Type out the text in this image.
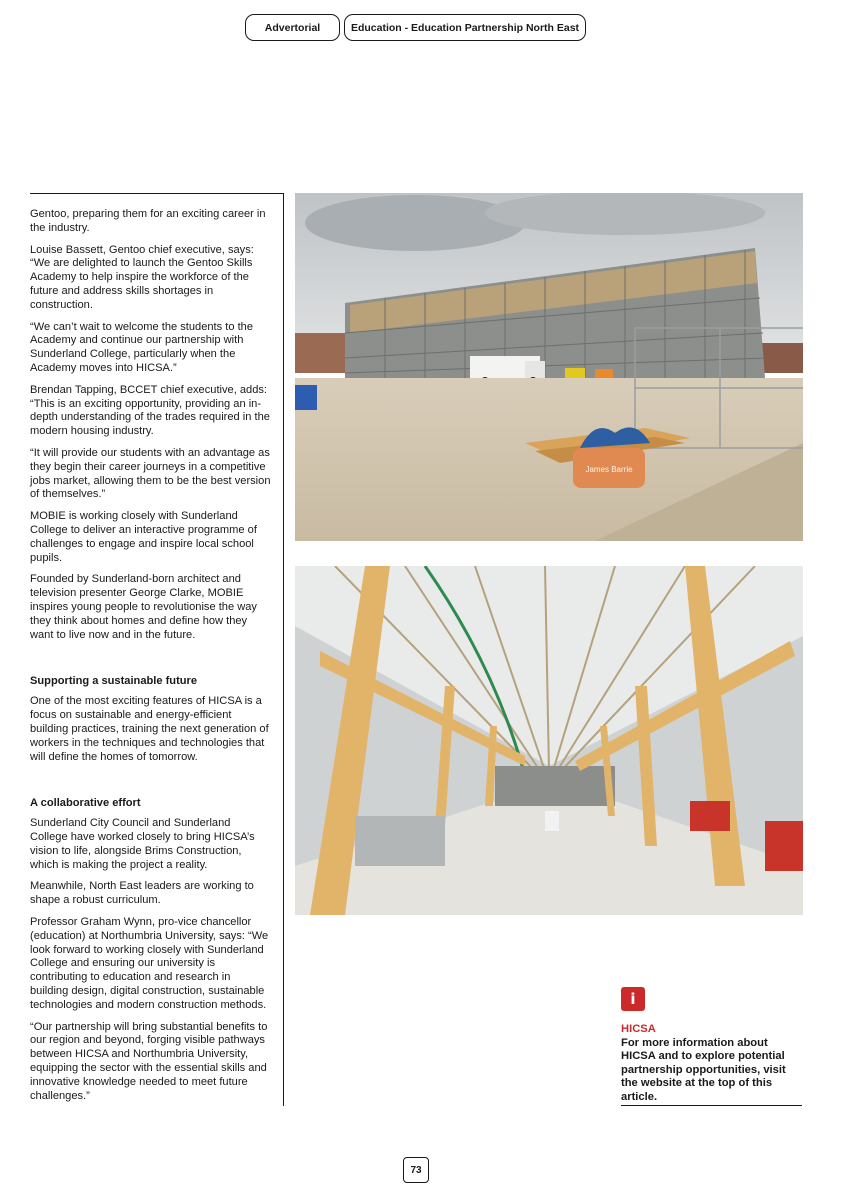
Advertorial	Education - Education Partnership North East

Gentoo, preparing them for an exciting career in the industry.

Louise Bassett, Gentoo chief executive, says: “We are delighted to launch the Gentoo Skills Academy to help inspire the workforce of the future and address skills shortages in construction.

“We can’t wait to welcome the students to the Academy and continue our partnership with Sunderland College, particularly when the Academy moves into HICSA.”

Brendan Tapping, BCCET chief executive, adds: “This is an exciting opportunity, providing an in-depth understanding of the trades required in the modern housing industry.

“It will provide our students with an advantage as they begin their career journeys in a competitive jobs market, allowing them to be the best version of themselves.”

MOBIE is working closely with Sunderland College to deliver an interactive programme of challenges to engage and inspire local school pupils.

Founded by Sunderland-born architect and television presenter George Clarke, MOBIE inspires young people to revolutionise the way they think about homes and define how they want to live now and in the future.

Supporting a sustainable future

One of the most exciting features of HICSA is a focus on sustainable and energy-efficient building practices, training the next generation of workers in the techniques and technologies that will define the homes of tomorrow.

A collaborative effort

Sunderland City Council and Sunderland College have worked closely to bring HICSA’s vision to life, alongside Brims Construction, which is making the project a reality.

Meanwhile, North East leaders are working to shape a robust curriculum.

Professor Graham Wynn, pro-vice chancellor (education) at Northumbria University, says: “We look forward to working closely with Sunderland College and ensuring our university is contributing to education and research in building design, digital construction, sustainable technologies and modern construction methods.

“Our partnership will bring substantial benefits to our region and beyond, forging visible pathways between HICSA and Northumbria University, equipping the sector with the essential skills and innovative knowledge needed to meet future challenges.”

James Barrie
i
HICSA
For more information about HICSA and to explore potential partnership opportunities, visit the website at the top of this article.
73
